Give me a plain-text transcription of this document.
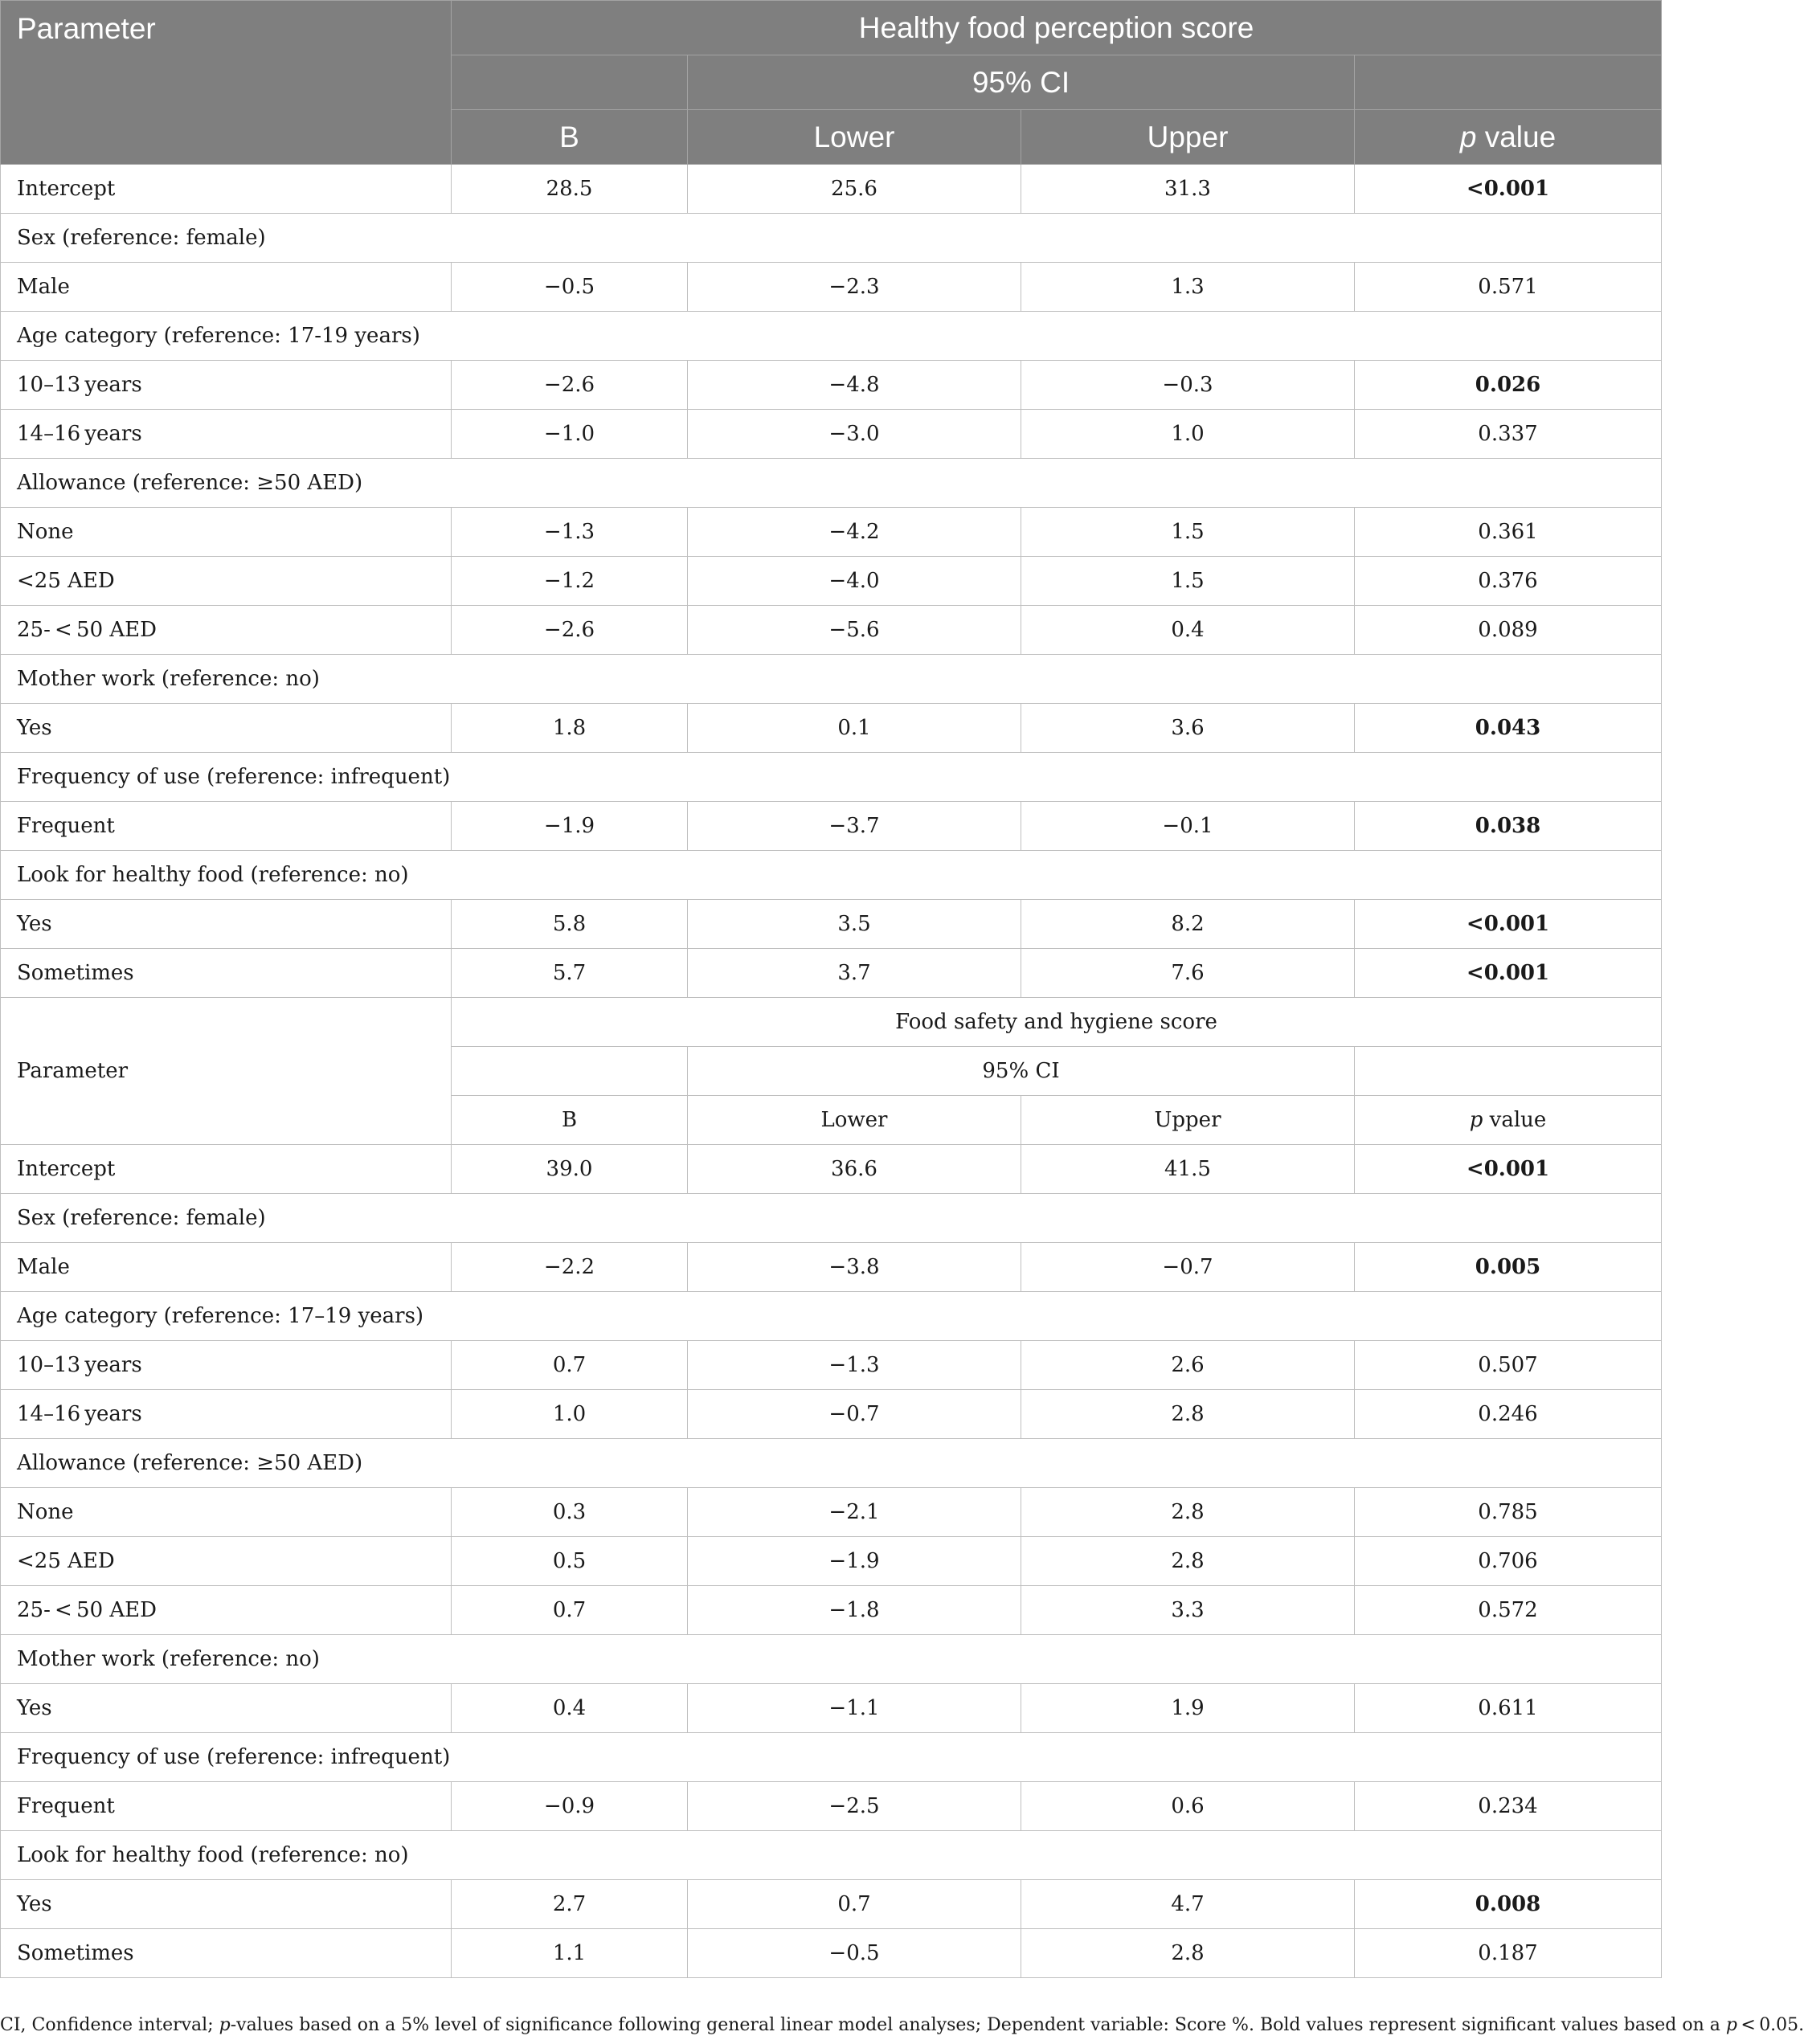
Parameter	Healthy food perception score			
		95% CI		
	B	Lower	Upper	p value
Intercept	28.5	25.6	31.3	<0.001
Sex (reference: female)				
Male	−0.5	−2.3	1.3	0.571
Age category (reference: 17-19 years)				
10–13 years	−2.6	−4.8	−0.3	0.026
14–16 years	−1.0	−3.0	1.0	0.337
Allowance (reference: ≥50 AED)				
None	−1.3	−4.2	1.5	0.361
<25 AED	−1.2	−4.0	1.5	0.376
25- < 50 AED	−2.6	−5.6	0.4	0.089
Mother work (reference: no)				
Yes	1.8	0.1	3.6	0.043
Frequency of use (reference: infrequent)				
Frequent	−1.9	−3.7	−0.1	0.038
Look for healthy food (reference: no)				
Yes	5.8	3.5	8.2	<0.001
Sometimes	5.7	3.7	7.6	<0.001
Parameter	Food safety and hygiene score			
		95% CI		
	B	Lower	Upper	p value
Intercept	39.0	36.6	41.5	<0.001
Sex (reference: female)				
Male	−2.2	−3.8	−0.7	0.005
Age category (reference: 17–19 years)				
10–13 years	0.7	−1.3	2.6	0.507
14–16 years	1.0	−0.7	2.8	0.246
Allowance (reference: ≥50 AED)				
None	0.3	−2.1	2.8	0.785
<25 AED	0.5	−1.9	2.8	0.706
25- < 50 AED	0.7	−1.8	3.3	0.572
Mother work (reference: no)				
Yes	0.4	−1.1	1.9	0.611
Frequency of use (reference: infrequent)				
Frequent	−0.9	−2.5	0.6	0.234
Look for healthy food (reference: no)				
Yes	2.7	0.7	4.7	0.008
Sometimes	1.1	−0.5	2.8	0.187
CI, Confidence interval; p-values based on a 5% level of significance following general linear model analyses; Dependent variable: Score %. Bold values represent significant values based on a p < 0.05.
